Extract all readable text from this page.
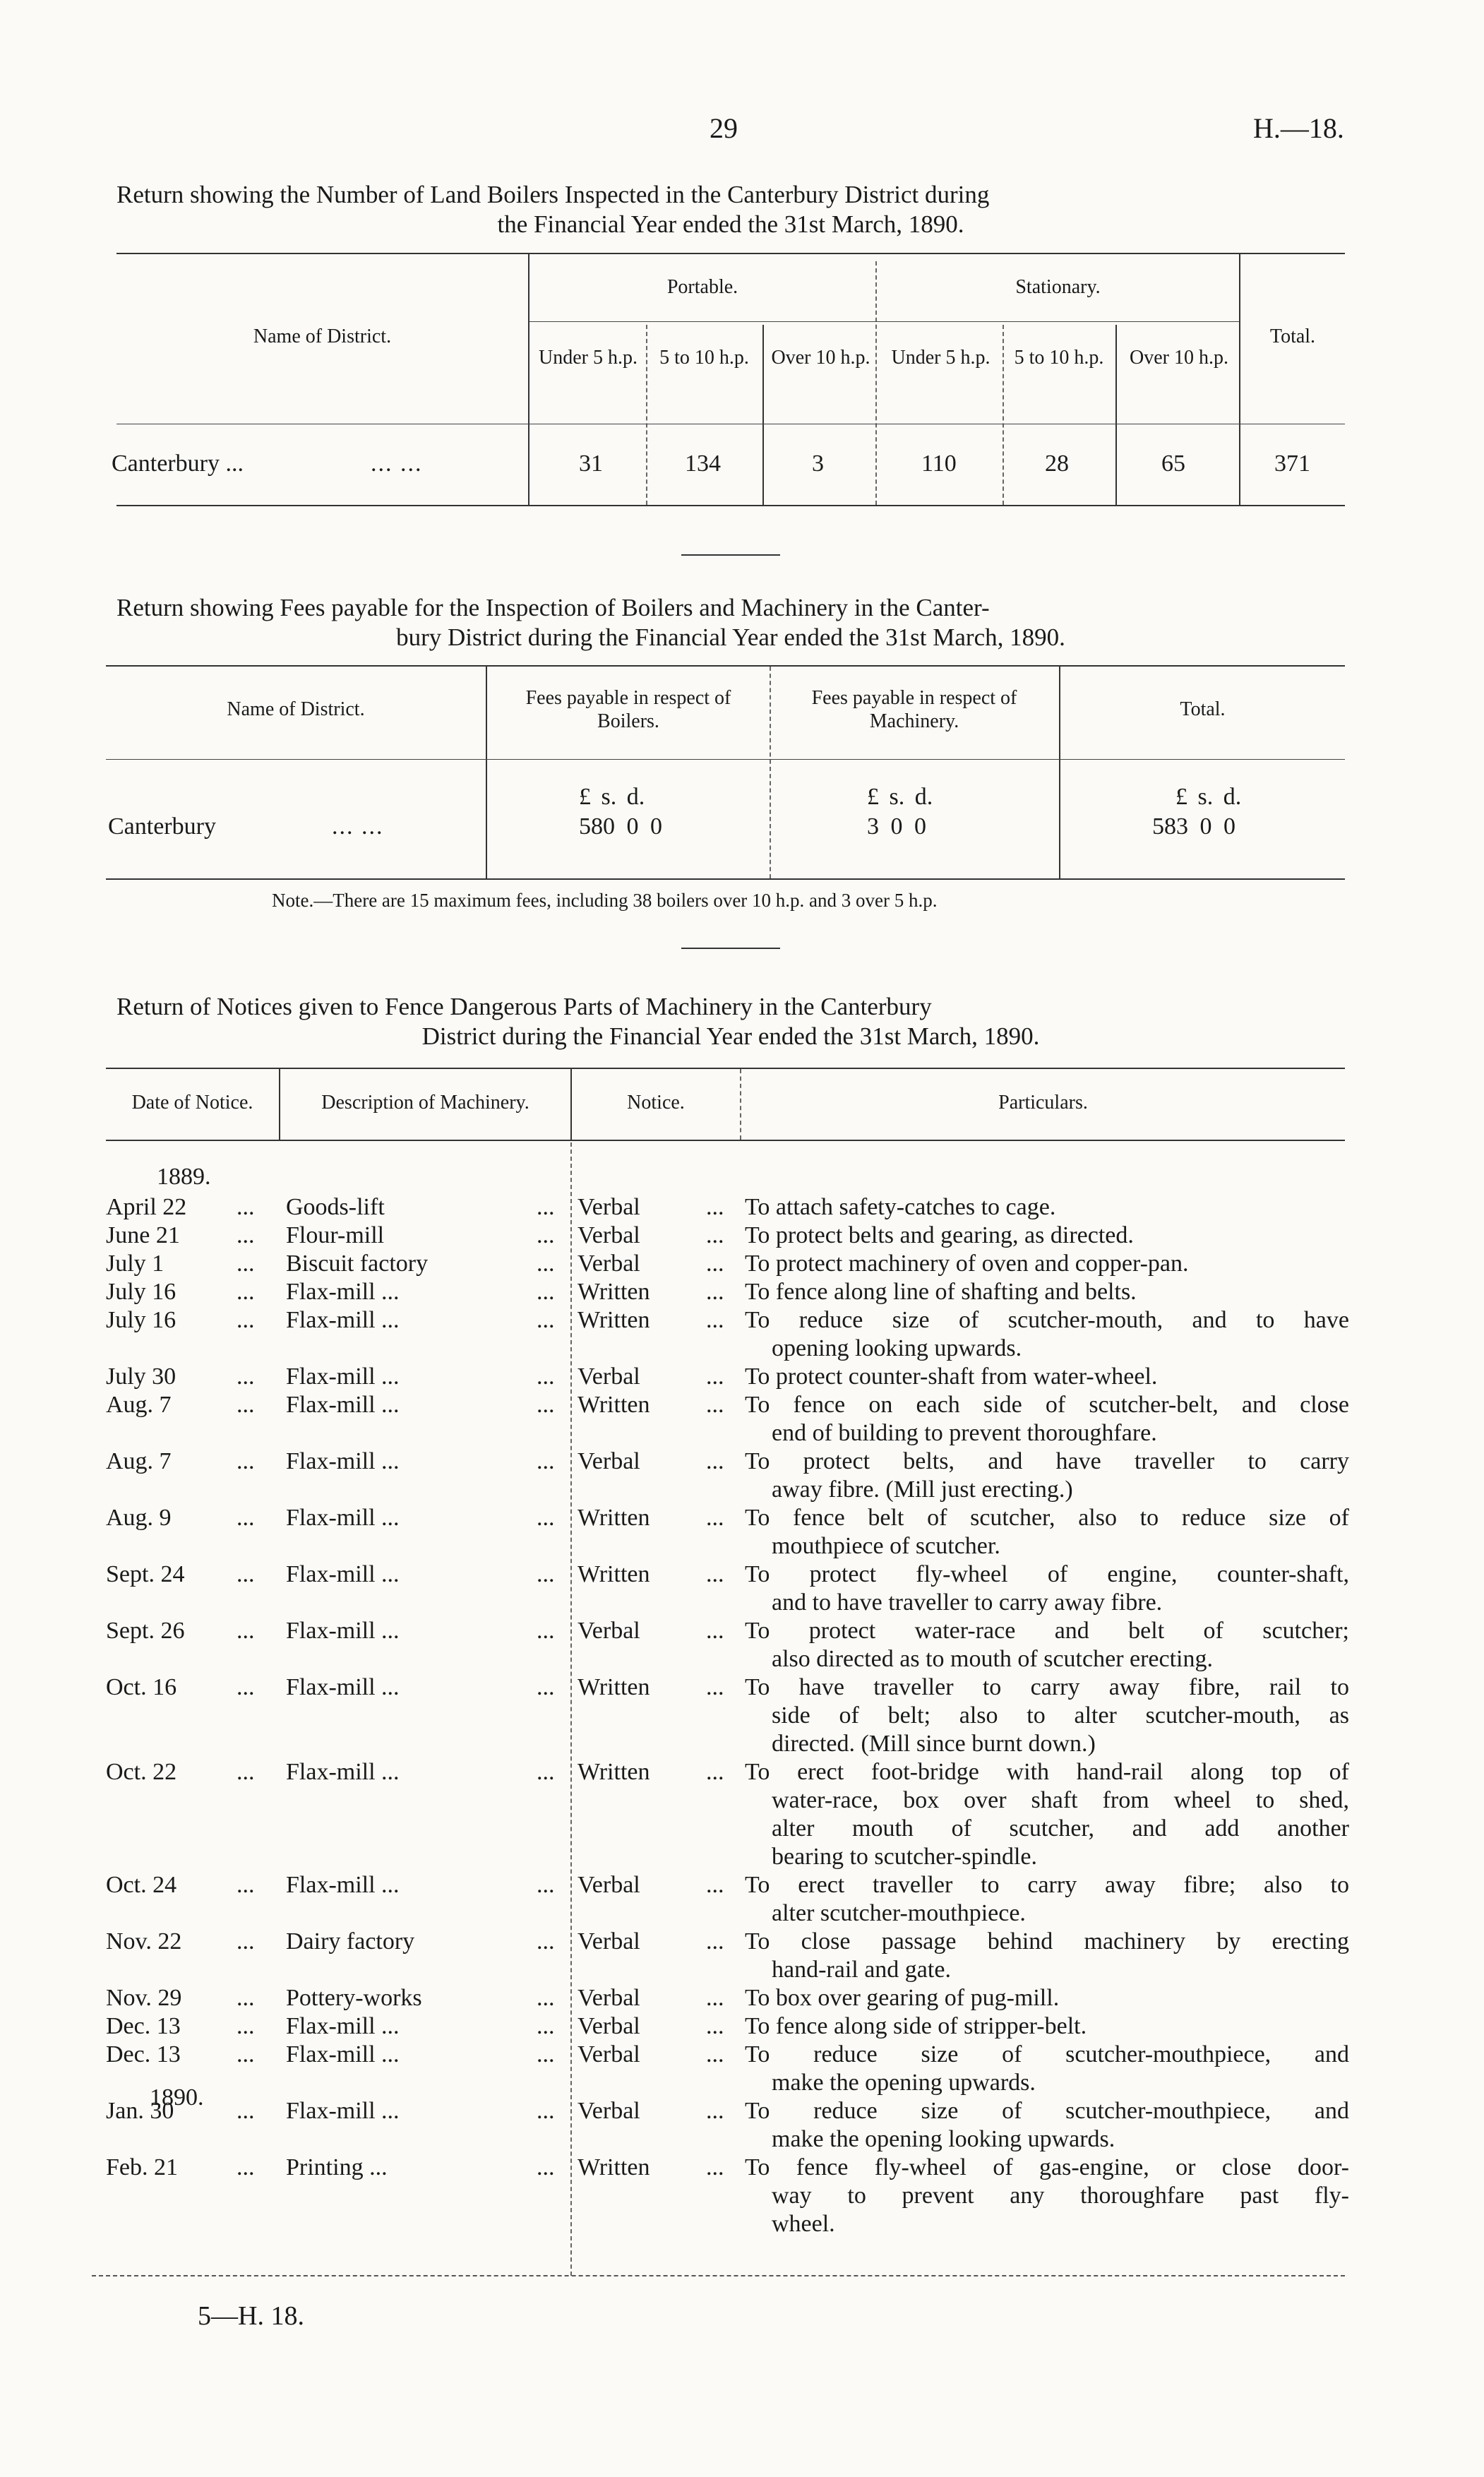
29	H.—18.
Return showing the Number of Land Boilers Inspected in the Canterbury District during
the Financial Year ended the 31st March, 1890.
Name of District.
Portable.	Stationary.
Total.
Under 5 h.p.	5 to 10 h.p.	Over 10 h.p.	Under 5 h.p.	5 to 10 h.p.	Over 10 h.p.
Canterbury ...	... ...	31	134	3	110	28	65	371
Return showing Fees payable for the Inspection of Boilers and Machinery in the Canter-
bury District during the Financial Year ended the 31st March, 1890.
Name of District.
Fees payable in respect of Boilers.
Fees payable in respect of Machinery.
Total.
£ s. d.	£ s. d.	£ s. d.
Canterbury	... ...	580 0 0	3 0 0	583 0 0
Note.—There are 15 maximum fees, including 38 boilers over 10 h.p. and 3 over 5 h.p.
Return of Notices given to Fence Dangerous Parts of Machinery in the Canterbury
District during the Financial Year ended the 31st March, 1890.
Date of Notice.	Description of Machinery.	Notice.	Particulars.
1889.
April 22 ... Goods-lift	... Verbal	... To attach safety-catches to cage.
June 21 ... Flour-mill	... Verbal	... To protect belts and gearing, as directed.
July 1	... Biscuit factory	... Verbal	... To protect machinery of oven and copper-pan.
July 16	... Flax-mill ...	... Written ... To fence along line of shafting and belts.
July 16	... Flax-mill ...	... Written ... To reduce size of scutcher-mouth, and to have
opening looking upwards.
July 30	... Flax-mill ...	... Verbal	... To protect counter-shaft from water-wheel.
Aug. 7	... Flax-mill ...	... Written ... To fence on each side of scutcher-belt, and close
end of building to prevent thoroughfare.
Aug. 7	... Flax-mill ...	... Verbal	... To protect belts, and have traveller to carry
away fibre. (Mill just erecting.)
Aug. 9	... Flax-mill ...	... Written ... To fence belt of scutcher, also to reduce size of
mouthpiece of scutcher.
Sept. 24 ... Flax-mill ...	... Written ... To protect fly-wheel of engine, counter-shaft,
and to have traveller to carry away fibre.
Sept. 26 ... Flax-mill ...	... Verbal	... To protect water-race and belt of scutcher;
also directed as to mouth of scutcher erecting.
Oct. 16 ... Flax-mill ...	... Written ... To have traveller to carry away fibre, rail to
side of belt; also to alter scutcher-mouth, as
directed. (Mill since burnt down.)
Oct. 22 ... Flax-mill ...	... Written ... To erect foot-bridge with hand-rail along top of
water-race, box over shaft from wheel to shed,
alter mouth of scutcher, and add another
bearing to scutcher-spindle.
Oct. 24 ... Flax-mill ...	... Verbal	... To erect traveller to carry away fibre; also to
alter scutcher-mouthpiece.
Nov. 22 ... Dairy factory	... Verbal	... To close passage behind machinery by erecting
hand-rail and gate.
Nov. 29 ... Pottery-works	... Verbal	... To box over gearing of pug-mill.
Dec. 13 ... Flax-mill ...	... Verbal	... To fence along side of stripper-belt.
Dec. 13 ... Flax-mill ...	... Verbal	... To reduce size of scutcher-mouthpiece, and
make the opening upwards.
Jan. 30	... Flax-mill ...	... Verbal	... To reduce size of scutcher-mouthpiece, and
make the opening looking upwards.
Feb. 21 ... Printing ...	... Written ... To fence fly-wheel of gas-engine, or close door-
way to prevent any thoroughfare past fly-
wheel.
1890.
5—H. 18.
